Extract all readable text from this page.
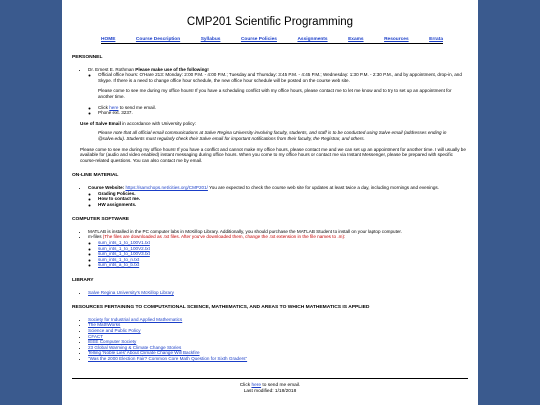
CMP201 Scientific Programming
HOME	Course Description	Syllabus	Course Policies	Assignments	Exams	Resources	Errata

PERSONNEL

• Dr. Ernest E. Rothman Please make use of the following!
◦ Official office hours: O'Hare 213: Monday: 2:00 P.M. - 4:00 P.M.; Tuesday and Thursday: 3:45 P.M. - 4:45 P.M.; Wednesday: 1:30 P.M. - 2:30 P.M., and by appointment, drop-in, and Skype. If there is a need to change office hour schedule, the new office hour schedule will be posted on the course web site.

Please come to see me during my office hours! If you have a scheduling conflict with my office hours, please contact me to let me know and to try to set up an appointment for another time.

◦ Click here to send me email.
◦ Phone ext. 3237.

Use of Salve Email in accordance with University policy:

Please note that all official email communications at Salve Regina University involving faculty, students, and staff is to be conducted using Salve email (addresses ending in @salve.edu). Students must regularly check their Salve email for important notifications from their faculty, the Registrar, and others.

Please come to see me during my office hours! If you have a conflict and cannot make my office hours, please contact me and we can set up an appointment for another time. I will usually be available for (audio and video enabled) instant messaging during office hours. When you come to my office hours or contact me via Instant Messenger, please be prepared with specific course-related questions. You can also contact me by email.

ON-LINE MATERIAL

• Course Website: https://samchops.net/cities.org/CMP201/ You are expected to check the course web site for updates at least twice a day, including mornings and evenings.
◦ Grading Policies.
◦ How to contact me.
◦ HW assignments.

COMPUTER SOFTWARE

• MATLAB is installed in the PC computer labs in McKillop Library. Additionally, you should purchase the MATLAB Student to install on your laptop computer.
• m-files (The files are downloaded as .txt files. After you've downloaded them, change the .txt extension in the file names to .m):
◦ sum_ints_1_to_100V1.txt
◦ sum_ints_1_to_100V2.txt
◦ sum_ints_1_to_100V3.txt
◦ sum_ints_1_to_n.txt
◦ sum_ints_a_to_b.txt

LIBRARY

• Salve Regina University's McKillop Library

RESOURCES PERTAINING TO COMPUTATIONAL SCIENCE, MATHEMATICS, AND AREAS TO WHICH MATHEMATICS IS APPLIED

• Society for Industrial and Applied Mathematics
• The MathWorks
• Science and Public Policy
• CFACT
• IEEE Computer Society
• 23 Global Warming & Climate Change Stories
• Telling 'Noble Lies' About Climate Change Will Backfire
• "Was the 2000 Election Fair? Common Core Math Question for Sixth Graders"
Click here to send me email.
Last modified: 1/18/2018
